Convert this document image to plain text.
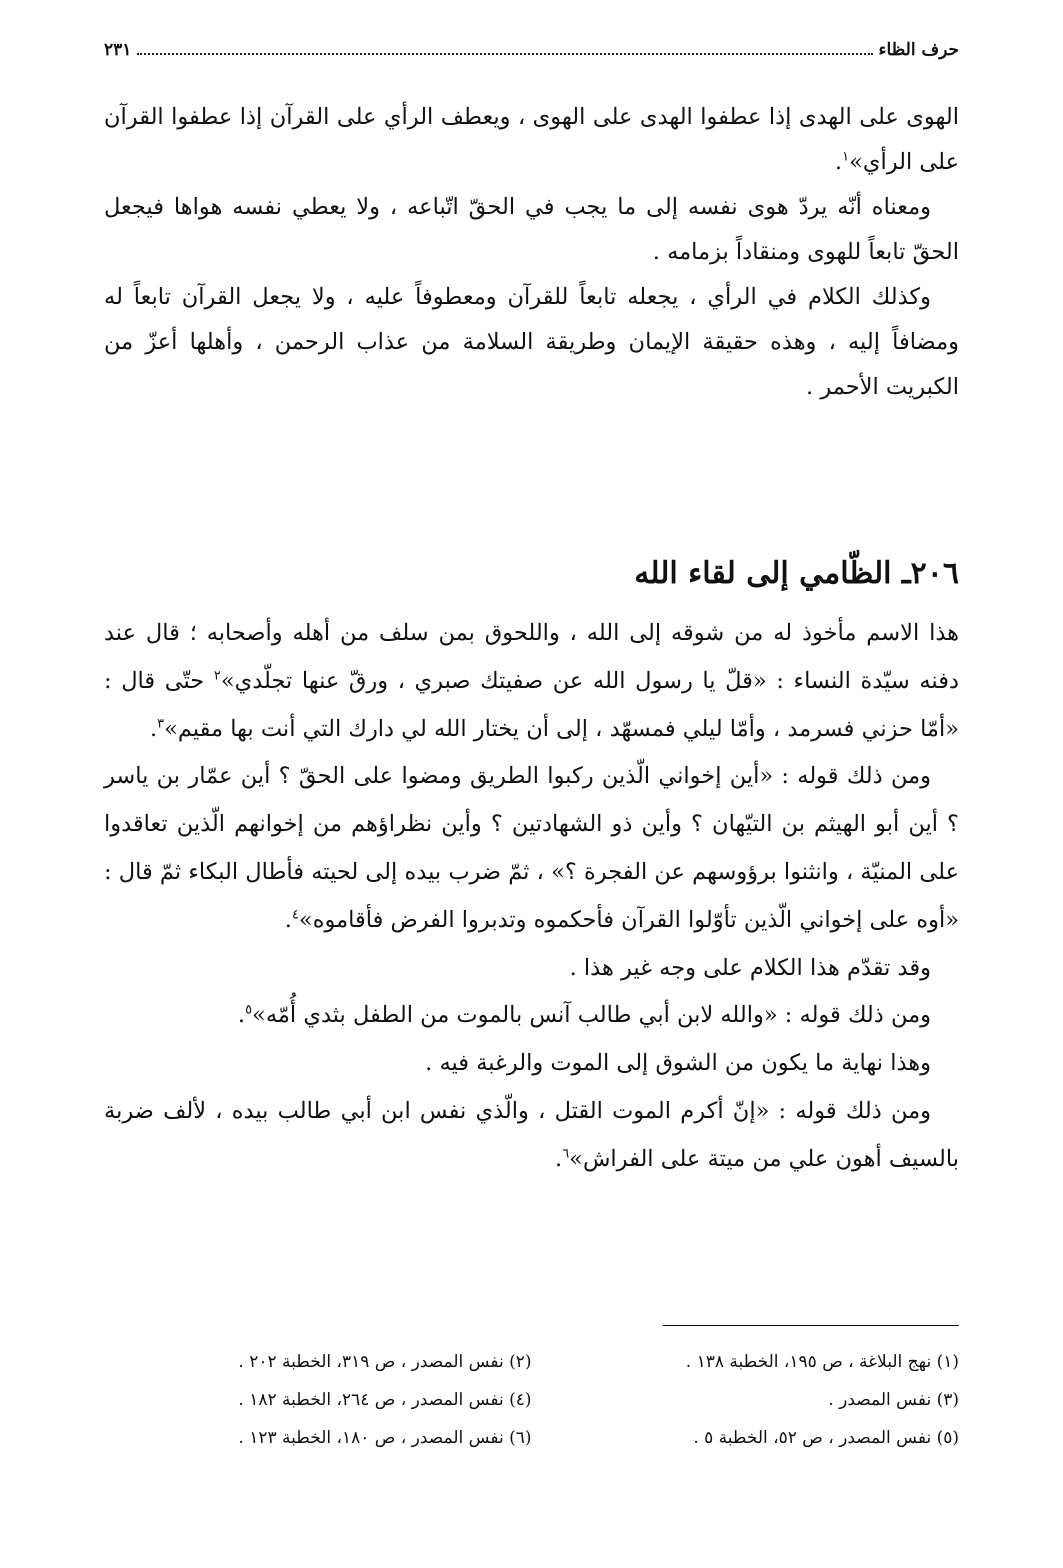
حرف الظاء
٢٣١

الهوى على الهدى إذا عطفوا الهدى على الهوى ، ويعطف الرأي على القرآن إذا عطفوا القرآن على الرأي»$^١$.

ومعناه أنّه يردّ هوى نفسه إلى ما يجب في الحقّ اتّباعه ، ولا يعطي نفسه هواها فيجعل الحقّ تابعاً للهوى ومنقاداً بزمامه .

وكذلك الكلام في الرأي ، يجعله تابعاً للقرآن ومعطوفاً عليه ، ولا يجعل القرآن تابعاً له ومضافاً إليه ، وهذه حقيقة الإيمان وطريقة السلامة من عذاب الرحمن ، وأهلها أعزّ من الكبريت الأحمر .

٢٠٦ـ الظّامي إلى لقاء الله

هذا الاسم مأخوذ له من شوقه إلى الله ، واللحوق بمن سلف من أهله وأصحابه ؛ قال عند دفنه سيّدة النساء : «قلّ يا رسول الله عن صفيتك صبري ، ورقّ عنها تجلّدي»$^٢$ حتّى قال : «أمّا حزني فسرمد ، وأمّا ليلي فمسهّد ، إلى أن يختار الله لي دارك التي أنت بها مقيم»$^٣$.

ومن ذلك قوله : «أين إخواني الّذين ركبوا الطريق ومضوا على الحقّ ؟ أين عمّار بن ياسر ؟ أين أبو الهيثم بن التيّهان ؟ وأين ذو الشهادتين ؟ وأين نظراؤهم من إخوانهم الّذين تعاقدوا على المنيّة ، وانثنوا برؤوسهم عن الفجرة ؟» ، ثمّ ضرب بيده إلى لحيته فأطال البكاء ثمّ قال : «أوه على إخواني الّذين تأوّلوا القرآن فأحكموه وتدبروا الفرض فأقاموه»$^٤$.

وقد تقدّم هذا الكلام على وجه غير هذا .

ومن ذلك قوله : «والله لابن أبي طالب آنس بالموت من الطفل بثدي أُمّه»$^٥$.

وهذا نهاية ما يكون من الشوق إلى الموت والرغبة فيه .

ومن ذلك قوله : «إنّ أكرم الموت القتل ، والّذي نفس ابن أبي طالب بيده ، لألف ضربة بالسيف أهون علي من ميتة على الفراش»$^٦$.

(١) نهج البلاغة ، ص ١٩٥، الخطبة ١٣٨ .
(٢) نفس المصدر ، ص ٣١٩، الخطبة ٢٠٢ .
(٣) نفس المصدر .
(٤) نفس المصدر ، ص ٢٦٤، الخطبة ١٨٢ .
(٥) نفس المصدر ، ص ٥٢، الخطبة ٥ .
(٦) نفس المصدر ، ص ١٨٠، الخطبة ١٢٣ .
